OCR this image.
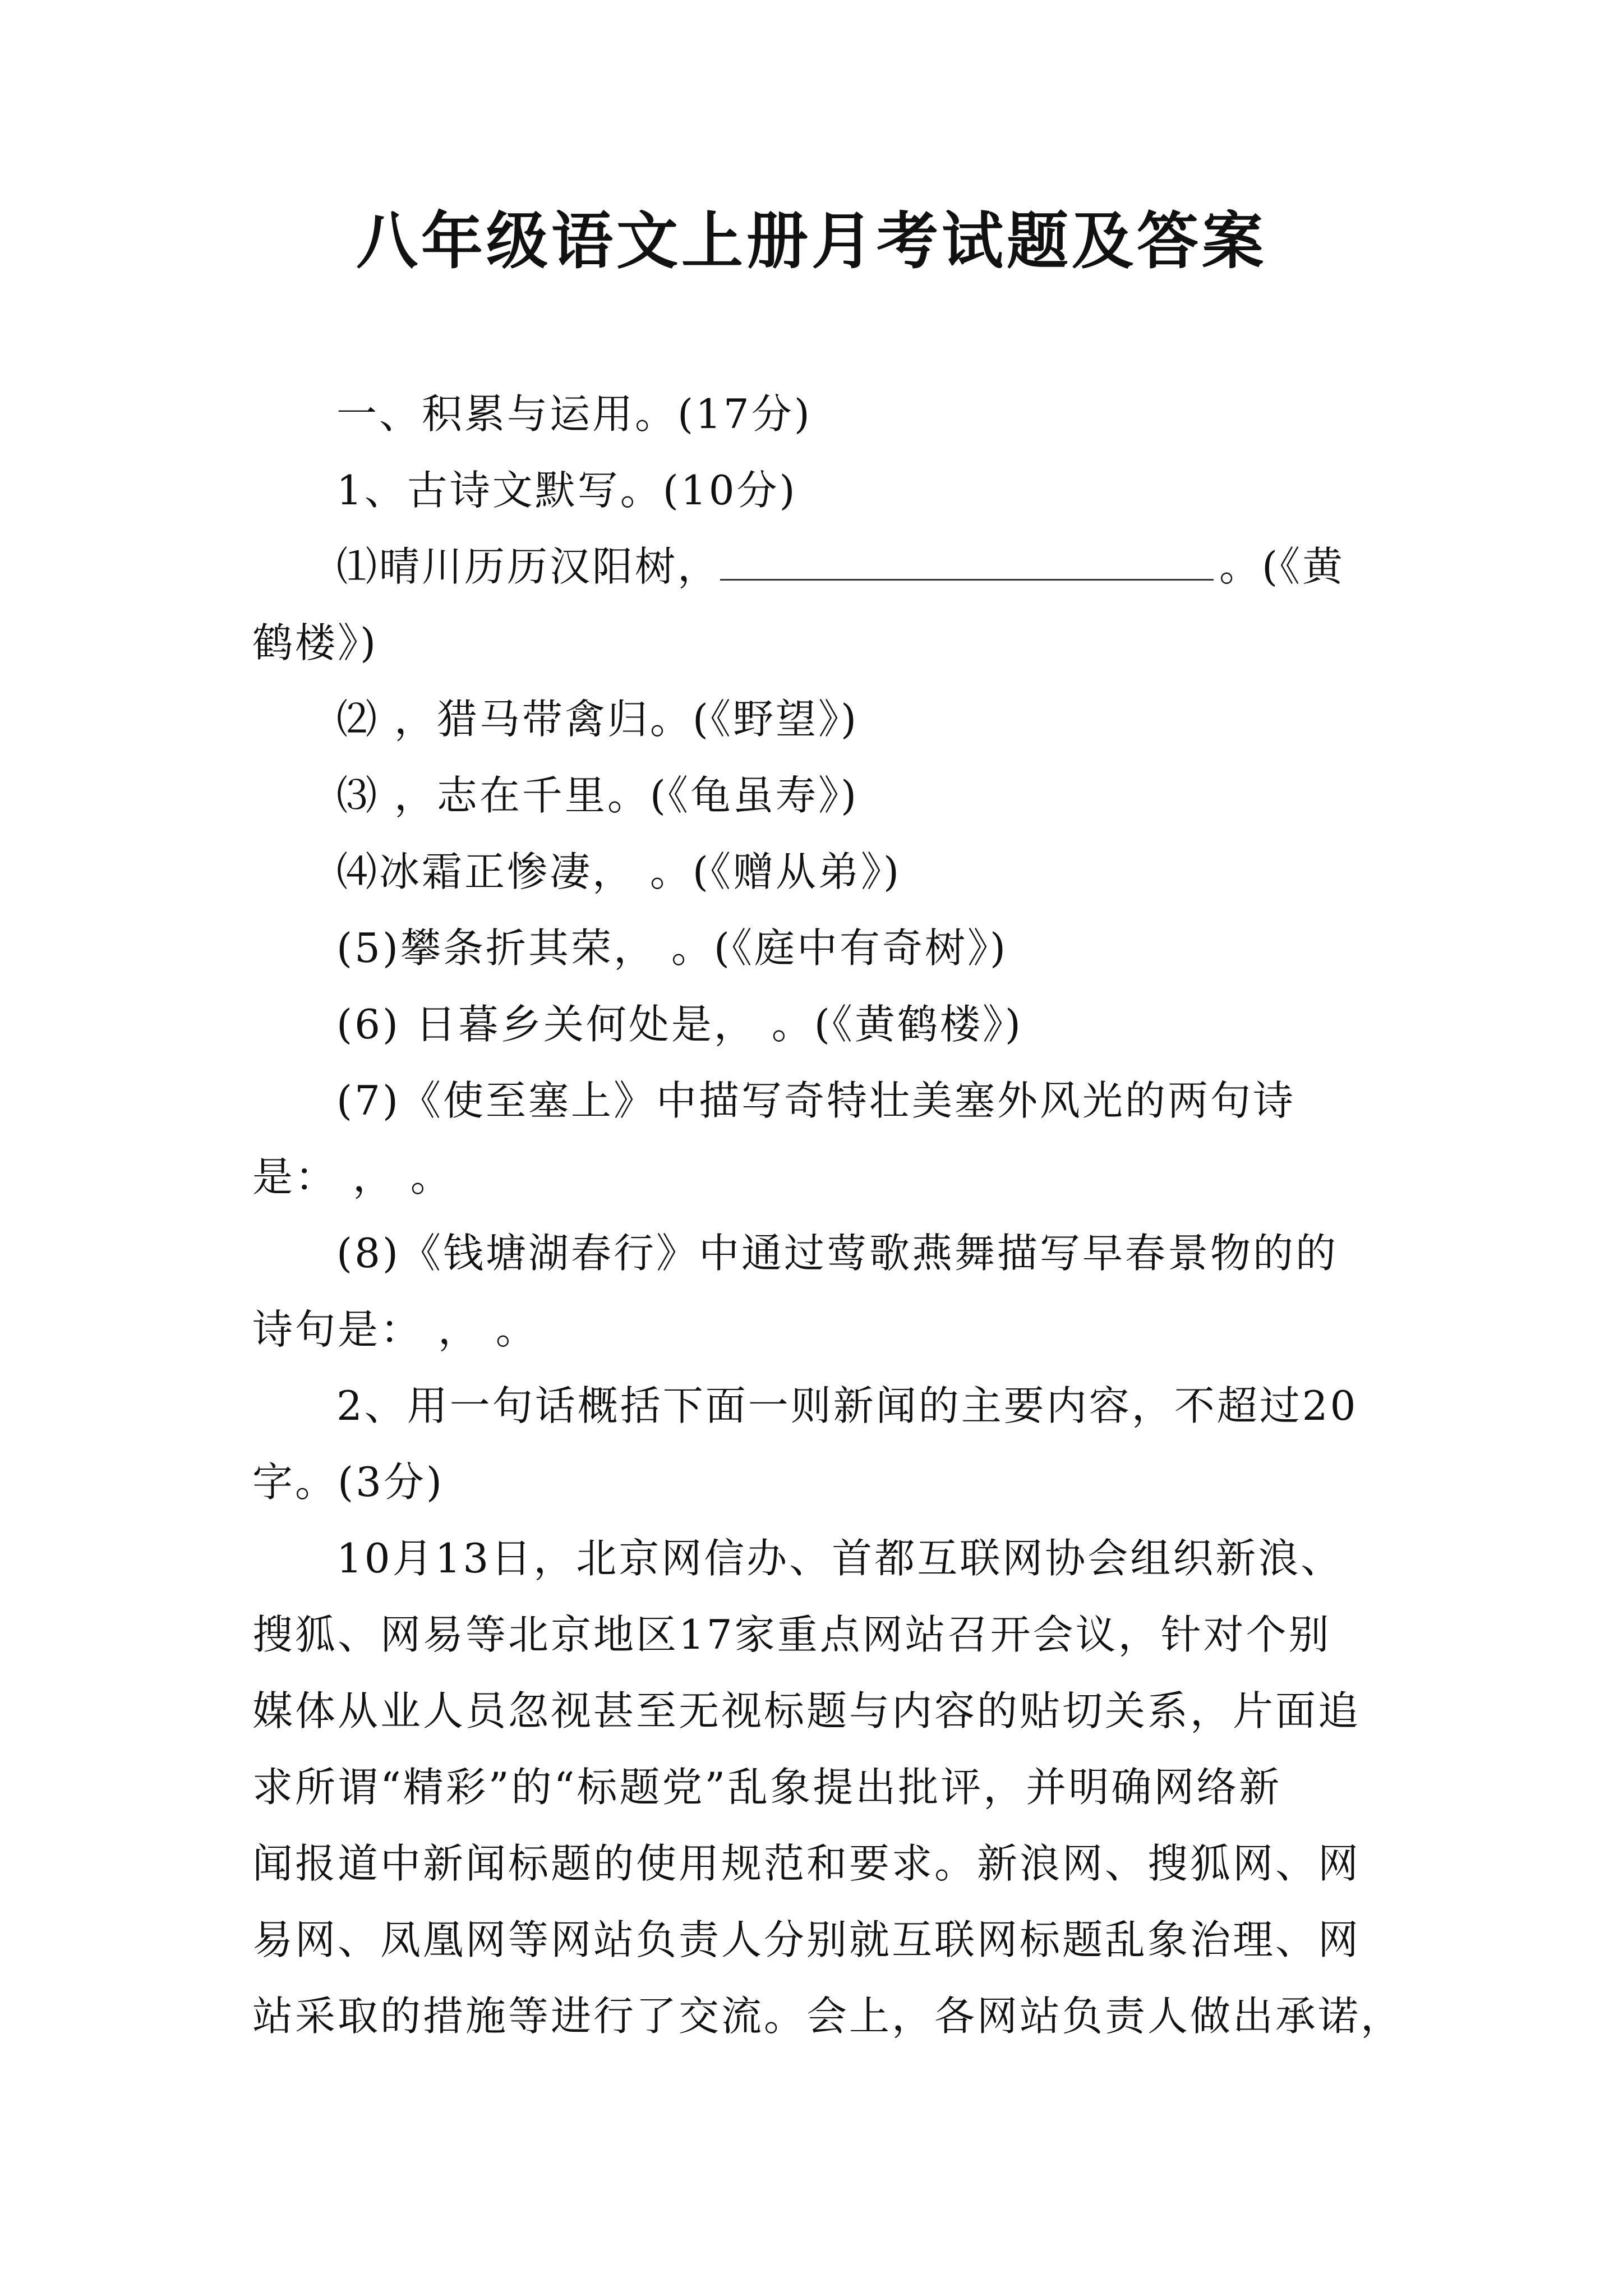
八年级语文上册月考试题及答案
一、积累与运用。(17分)
1、古诗文默写。(10分)
⑴晴川历历汉阳树，	。(《黄
鹤楼》)
⑵ ，猎马带禽归。(《野望》)
⑶ ，志在千里。(《龟虽寿》)
⑷冰霜正惨凄， 。(《赠从弟》)
(5)攀条折其荣， 。(《庭中有奇树》)
(6) 日暮乡关何处是， 。(《黄鹤楼》)
(7)《使至塞上》中描写奇特壮美塞外风光的两句诗
是： ， 。
(8)《钱塘湖春行》中通过莺歌燕舞描写早春景物的的
诗句是： ， 。
2、用一句话概括下面一则新闻的主要内容，不超过20
字。(3分)
10月13日，北京网信办、首都互联网协会组织新浪、
搜狐、网易等北京地区17家重点网站召开会议，针对个别
媒体从业人员忽视甚至无视标题与内容的贴切关系，片面追
求所谓“精彩”的“标题党”乱象提出批评，并明确网络新
闻报道中新闻标题的使用规范和要求。新浪网、搜狐网、网
易网、凤凰网等网站负责人分别就互联网标题乱象治理、网
站采取的措施等进行了交流。会上，各网站负责人做出承诺，
